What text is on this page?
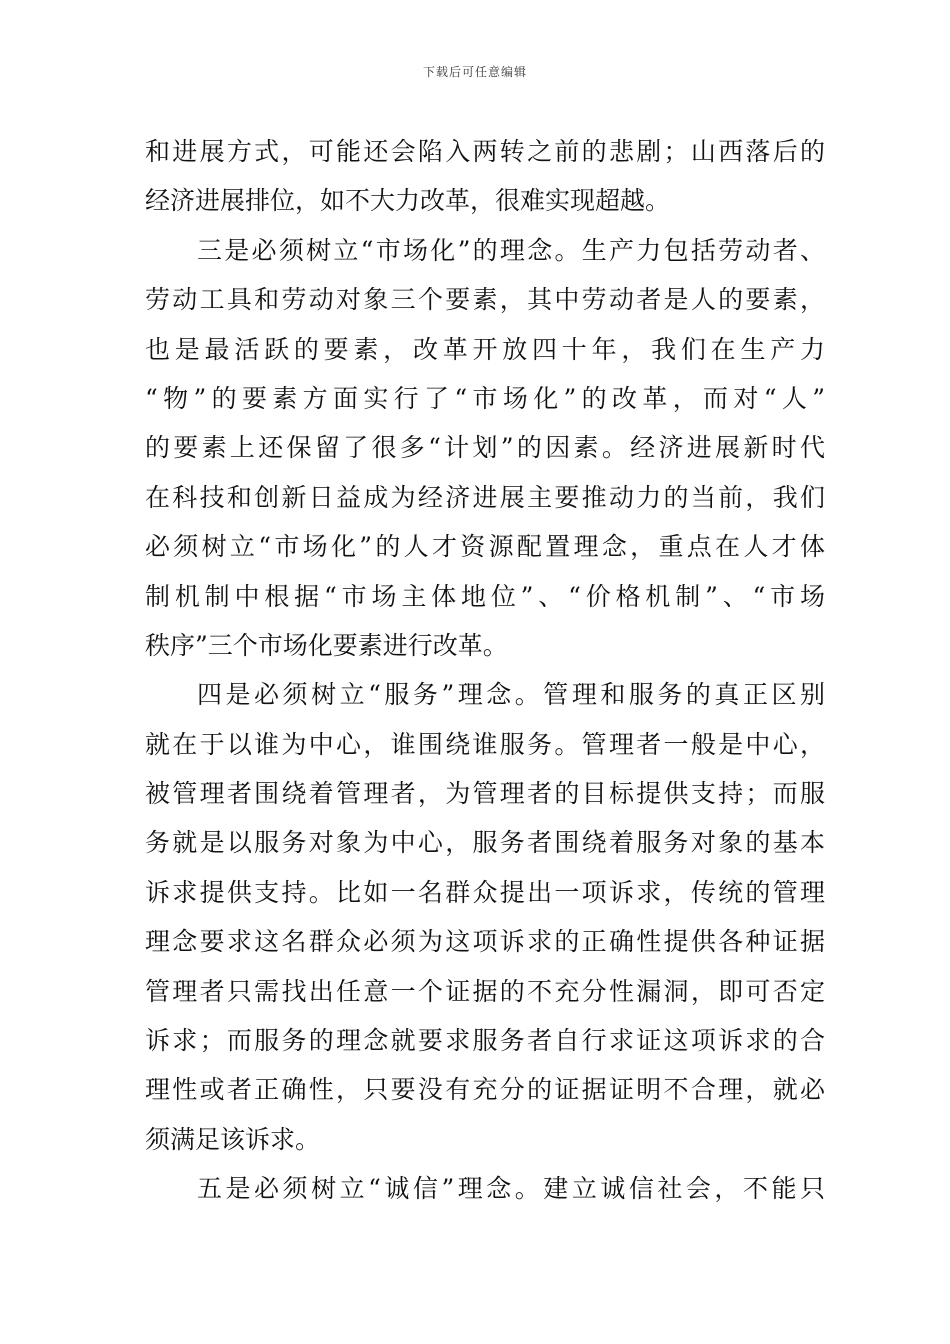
下载后可任意编辑
和进展方式，可能还会陷入两转之前的悲剧；山西落后的
经济进展排位，如不大力改革，很难实现超越。
三是必须树立“市场化”的理念。生产力包括劳动者、
劳动工具和劳动对象三个要素，其中劳动者是人的要素，
也是最活跃的要素，改革开放四十年，我们在生产力
“物”的要素方面实行了“市场化”的改革，而对“人”
的要素上还保留了很多“计划”的因素。经济进展新时代
在科技和创新日益成为经济进展主要推动力的当前，我们
必须树立“市场化”的人才资源配置理念，重点在人才体
制机制中根据“市场主体地位”、“价格机制”、“市场
秩序”三个市场化要素进行改革。
四是必须树立“服务”理念。管理和服务的真正区别
就在于以谁为中心，谁围绕谁服务。管理者一般是中心，
被管理者围绕着管理者，为管理者的目标提供支持；而服
务就是以服务对象为中心，服务者围绕着服务对象的基本
诉求提供支持。比如一名群众提出一项诉求，传统的管理
理念要求这名群众必须为这项诉求的正确性提供各种证据
管理者只需找出任意一个证据的不充分性漏洞，即可否定
诉求；而服务的理念就要求服务者自行求证这项诉求的合
理性或者正确性，只要没有充分的证据证明不合理，就必
须满足该诉求。
五是必须树立“诚信”理念。建立诚信社会，不能只
